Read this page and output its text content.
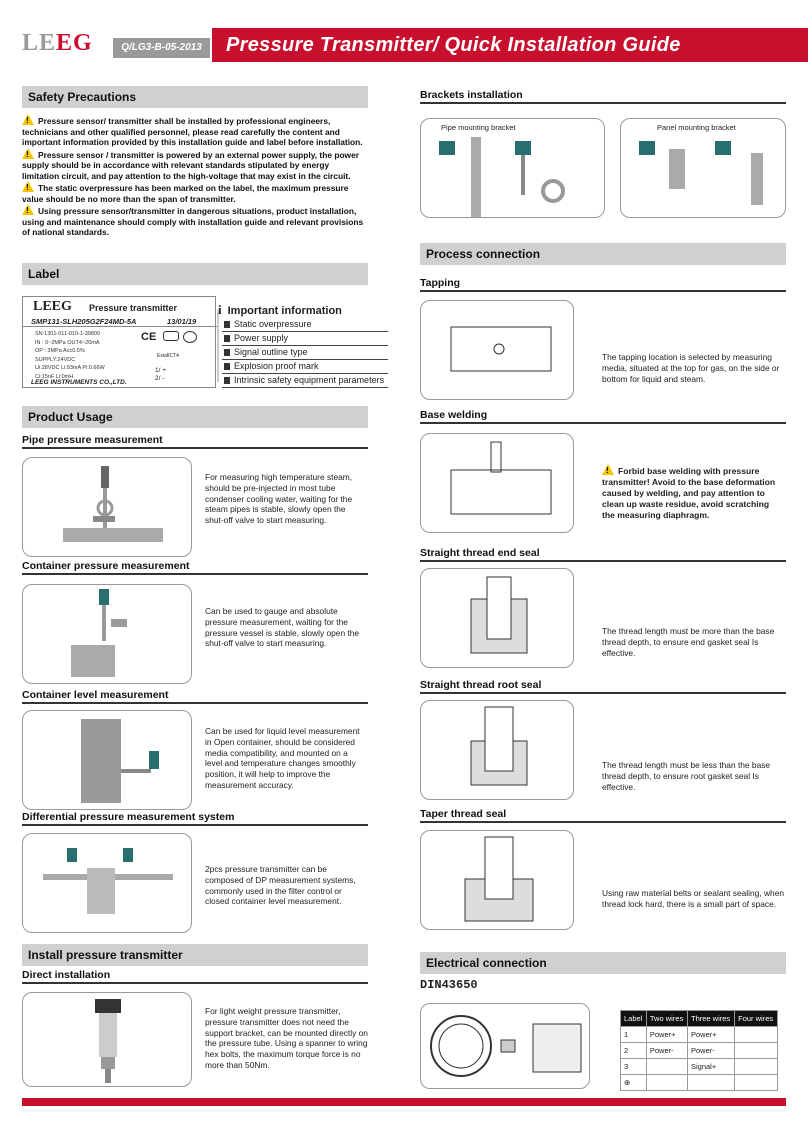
LEEG	Q/LG3-B-05-2013	Pressure Transmitter/ Quick Installation Guide
Safety Precautions

!Pressure sensor/ transmitter shall be installed by professional engineers, technicians and other qualified personnel, please read carefully the content and important information provided by this installation guide and label before installation.

!Pressure sensor / transmitter is powered by an external power supply, the power supply should be in accordance with relevant standards stipulated by energy limitation circuit, and pay attention to the high-voltage that may exist in the circuit.

!The static overpressure has been marked on the label, the maximum pressure value should be no more than the span of transmitter.

!Using pressure sensor/transmitter in dangerous situations, product installation, using and maintenance should comply with installation guide and relevant provisions of national standards.

Label
LEEG Pressure transmitter
SMP131-SLH205G2F24MD-5A	13/01/19
SN:1301-011-010-1-39800
IN : 0~2MPa OUT4~20mA
OP : 3MPa Acc0.5%
SUPPLY:24VDC
Ui:28VDC Li:93mA Pi:0.66W
Ci:15nF Li:0mH
CE
ExiaIICT4
1/ +
2/ -
LEEG INSTRUMENTS CO.,LTD.
i Important information
Static overpressure
Power supply
Signal outline type
Explosion proof mark
Intrinsic safety equipment parameters
Product Usage
Pipe pressure measurement
For measuring high temperature steam, should be pre-injected in most tube condenser cooling water, waiting for the steam pipes is stable, slowly open the shut-off valve to start measuring.
Container pressure measurement
Can be used to gauge and absolute pressure measurement, waiting for the pressure vessel is stable, slowly open the shut-off valve to start measuring.
Container level measurement
Can be used for liquid level measurement in Open container, should be considered media compatibility, and mounted on a level and temperature changes smoothly position, it will help to improve the measurement accuracy.
Differential pressure measurement system
2pcs pressure transmitter can be composed of DP measurement systems, commonly used in the filter control or closed container level measurement.
Install pressure transmitter
Direct installation
For light weight pressure transmitter, pressure transmitter does not need the support bracket, can be mounted directly on the pressure tube. Using a spanner to wring hex bolts, the maximum torque force is no more than 50Nm.
Brackets installation
Pipe mounting bracket	Panel mounting bracket
Process connection
Tapping
The tapping location is selected by measuring media, situated at the top for gas, on the side or bottom for liquid and steam.
Base welding
!Forbid base welding with pressure transmitter! Avoid to the base deformation caused by welding, and pay attention to clean up waste residue, avoid scratching the measuring diaphragm.
Straight thread end seal
The thread length must be more than the base thread depth, to ensure end gasket seal Is effective.
Straight thread root seal
The thread length must be less than the base thread depth, to ensure root gasket seal Is effective.
Taper thread seal
Using raw material belts or sealant sealing, when thread lock hard, there is a small part of space.
Electrical connection
DIN43650
Label	Two wires	Three wires	Four wires
1	Power+	Power+	
2	Power-	Power-	
3		Signal+	
⊕			
